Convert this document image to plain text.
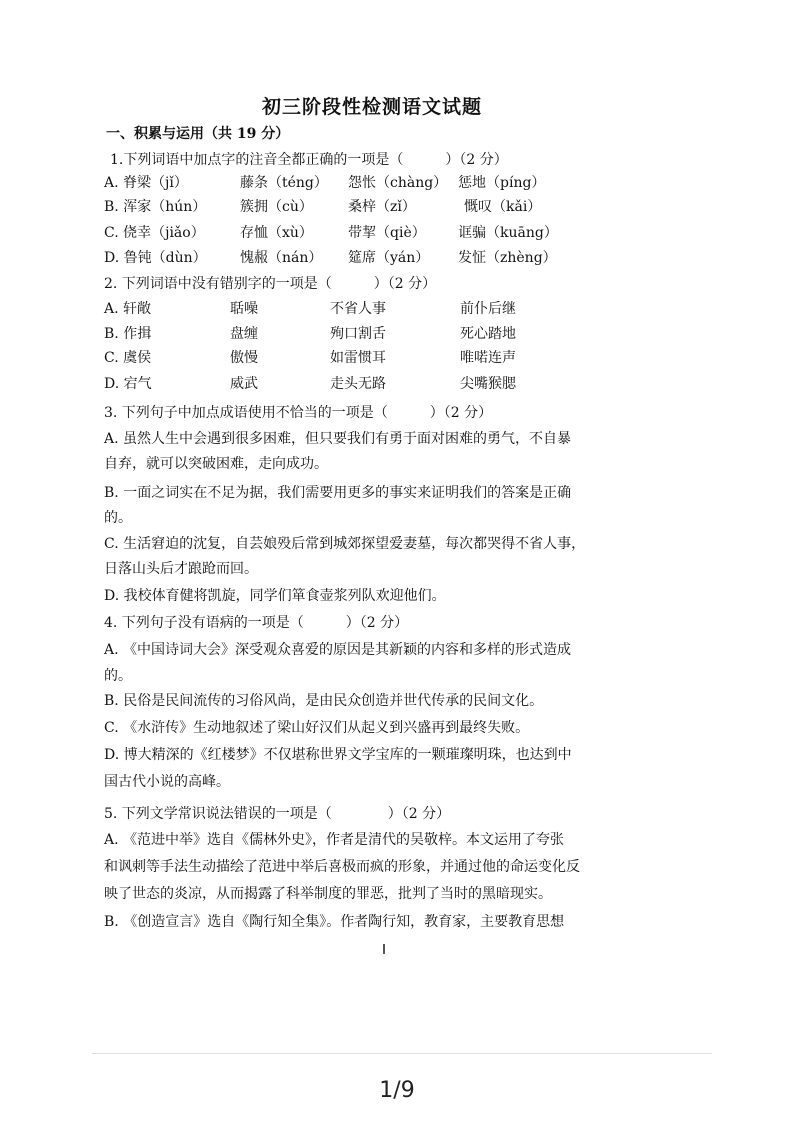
初三阶段性检测语文试题
一、积累与运用（共 19 分）
1.下列词语中加点字的注音全都正确的一项是（　　　）（2 分）
A. 脊梁（jǐ）	藤条（téng） 怨怅（chàng） 惩地（píng）
B. 浑家（hún） 簇拥（cù）	桑梓（zǐ）	慨叹（kǎi）
C. 侥幸（jiǎo）	存恤（xù）	带挈（qiè） 诓骗（kuāng）
D. 鲁钝（dùn） 愧赧（nán） 筵席（yán） 发怔（zhèng）
2. 下列词语中没有错别字的一项是（　　　）（2 分）
A. 轩敞	聒噪	不省人事	前仆后继
B. 作揖	盘缠	殉口割舌	死心踏地
C. 虞侯	傲慢	如雷惯耳	唯喏连声
D. 宕气	威武	走头无路	尖嘴猴腮
3. 下列句子中加点成语使用不恰当的一项是（　　　）（2 分）
A. 虽然人生中会遇到很多困难，但只要我们有勇于面对困难的勇气，不自暴
自弃，就可以突破困难，走向成功。
B. 一面之词实在不足为据，我们需要用更多的事实来证明我们的答案是正确
的。
C. 生活窘迫的沈复，自芸娘殁后常到城郊探望爱妻墓，每次都哭得不省人事，
日落山头后才踉跄而回。
D. 我校体育健将凯旋，同学们箪食壶浆列队欢迎他们。
4. 下列句子没有语病的一项是（　　　）（2 分）
A. 《中国诗词大会》深受观众喜爱的原因是其新颖的内容和多样的形式造成
的。
B. 民俗是民间流传的习俗风尚，是由民众创造并世代传承的民间文化。
C. 《水浒传》生动地叙述了梁山好汉们从起义到兴盛再到最终失败。
D. 博大精深的《红楼梦》不仅堪称世界文学宝库的一颗璀璨明珠，也达到中
国古代小说的高峰。
5. 下列文学常识说法错误的一项是（　　　　）（2 分）
A. 《范进中举》选自《儒林外史》，作者是清代的吴敬梓。本文运用了夸张
和讽刺等手法生动描绘了范进中举后喜极而疯的形象，并通过他的命运变化反
映了世态的炎凉，从而揭露了科举制度的罪恶，批判了当时的黑暗现实。
B. 《创造宣言》选自《陶行知全集》。作者陶行知，教育家，主要教育思想
1/9
